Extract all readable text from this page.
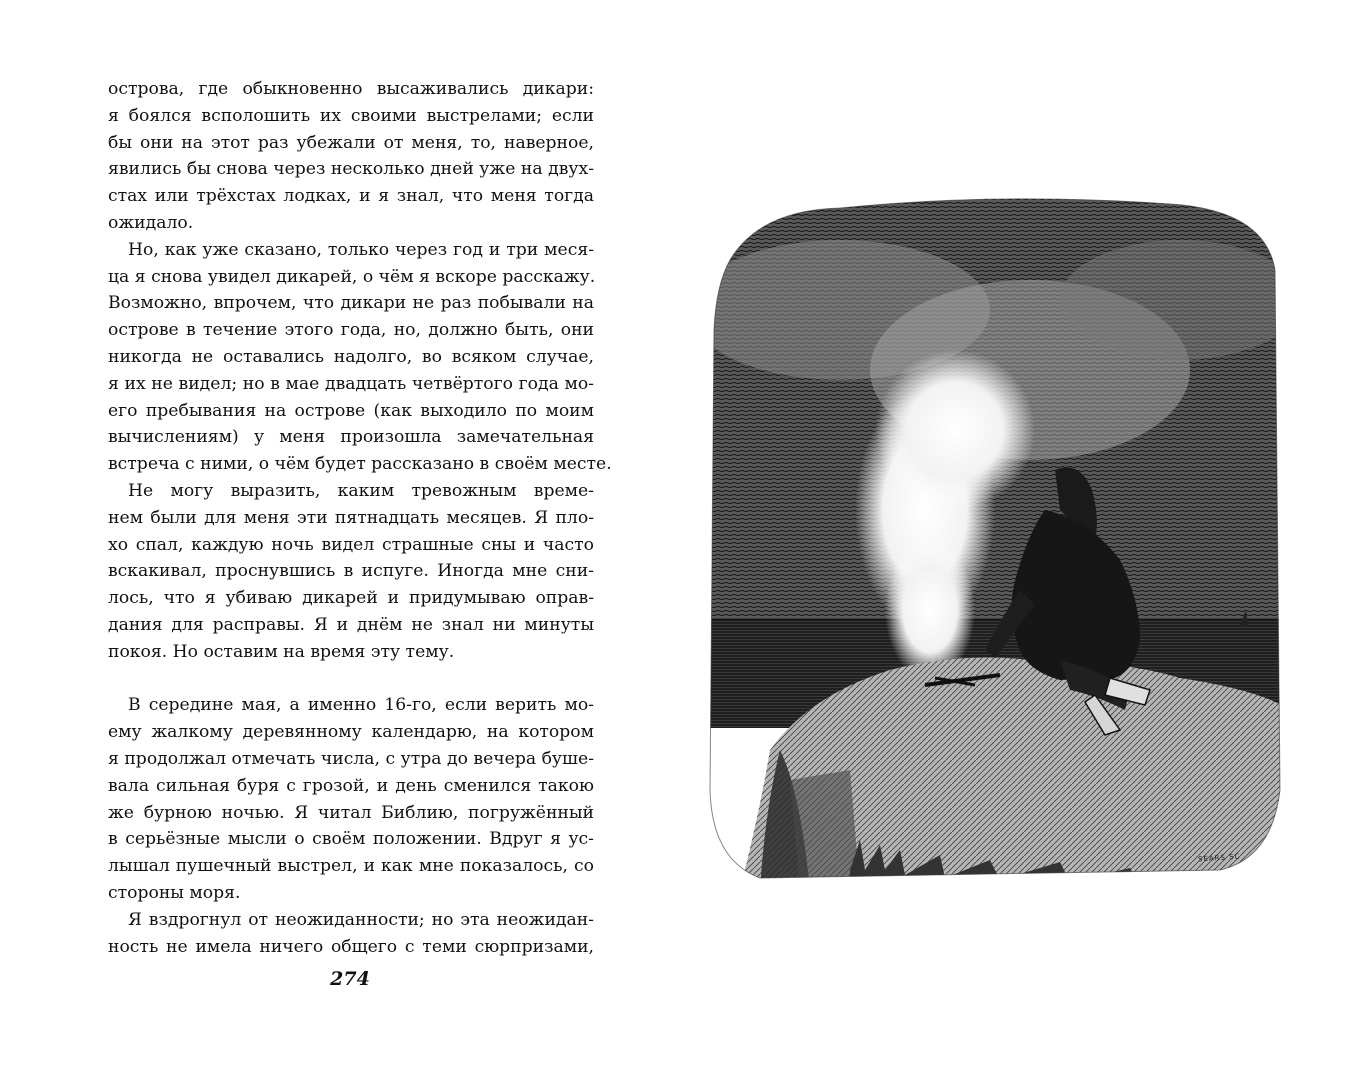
острова, где обыкновенно высаживались дикари:
я боялся всполошить их своими выстрелами; если
бы они на этот раз убежали от меня, то, наверное,
явились бы снова через несколько дней уже на двух-
стах или трёхстах лодках, и я знал, что меня тогда
ожидало.
Но, как уже сказано, только через год и три меся-
ца я снова увидел дикарей, о чём я вскоре расскажу.
Возможно, впрочем, что дикари не раз побывали на
острове в течение этого года, но, должно быть, они
никогда не оставались надолго, во всяком случае,
я их не видел; но в мае двадцать четвёртого года мо-
его пребывания на острове (как выходило по моим
вычислениям) у меня произошла замечательная
встреча с ними, о чём будет рассказано в своём месте.
Не могу выразить, каким тревожным време-
нем были для меня эти пятнадцать месяцев. Я пло-
хо спал, каждую ночь видел страшные сны и часто
вскакивал, проснувшись в испуге. Иногда мне сни-
лось, что я убиваю дикарей и придумываю оправ-
дания для расправы. Я и днём не знал ни минуты
покоя. Но оставим на время эту тему.
В середине мая, а именно 16-го, если верить мо-
ему жалкому деревянному календарю, на котором
я продолжал отмечать числа, с утра до вечера буше-
вала сильная буря с грозой, и день сменился такою
же бурною ночью. Я читал Библию, погружённый
в серьёзные мысли о своём положении. Вдруг я ус-
лышал пушечный выстрел, и как мне показалось, со
стороны моря.
Я вздрогнул от неожиданности; но эта неожидан-
ность не имела ничего общего с теми сюрпризами,
274
SEARS SC
